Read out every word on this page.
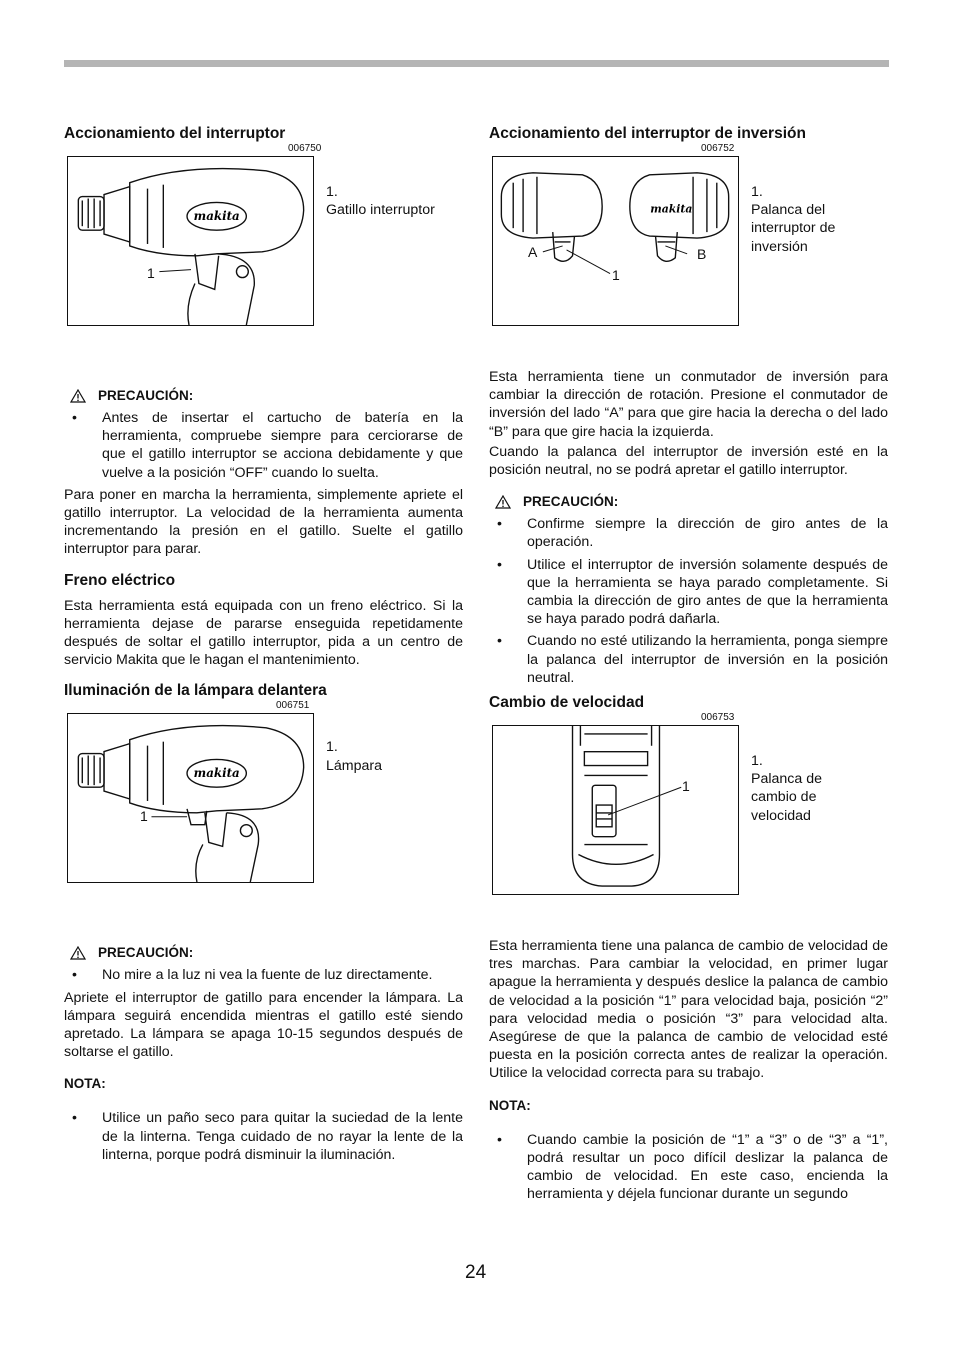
Accionamiento del interruptor
006750
makita
1
1.Gatillo interruptor
PRECAUCIÓN:
• Antes de insertar el cartucho de batería en la herramienta, compruebe siempre para cerciorarse de que el gatillo interruptor se acciona debidamente y que vuelve a la posición “OFF” cuando lo suelta.

Para poner en marcha la herramienta, simplemente apriete el gatillo interruptor. La velocidad de la herramienta aumenta incrementando la presión en el gatillo. Suelte el gatillo interruptor para parar.

Freno eléctrico

Esta herramienta está equipada con un freno eléctrico. Si la herramienta dejase de pararse enseguida repetidamente después de soltar el gatillo interruptor, pida a un centro de servicio Makita que le hagan el mantenimiento.

Iluminación de la lámpara delantera
006751
makita
1
1.Lámpara
PRECAUCIÓN:
• No mire a la luz ni vea la fuente de luz directamente.

Apriete el interruptor de gatillo para encender la lámpara. La lámpara seguirá encendida mientras el gatillo esté siendo apretado. La lámpara se apaga 10-15 segundos después de soltarse el gatillo.

NOTA:
• Utilice un paño seco para quitar la suciedad de la lente de la linterna. Tenga cuidado de no rayar la lente de la linterna, porque podrá disminuir la iluminación.
Accionamiento del interruptor de inversión
006752
makita
A	B
1
1.Palanca del interruptor de inversión

Esta herramienta tiene un conmutador de inversión para cambiar la dirección de rotación. Presione el conmutador de inversión del lado “A” para que gire hacia la derecha o del lado “B” para que gire hacia la izquierda.

Cuando la palanca del interruptor de inversión esté en la posición neutral, no se podrá apretar el gatillo interruptor.

PRECAUCIÓN:
• Confirme siempre la dirección de giro antes de la operación.
• Utilice el interruptor de inversión solamente después de que la herramienta se haya parado completamente. Si cambia la dirección de giro antes de que la herramienta se haya parado podrá dañarla.
• Cuando no esté utilizando la herramienta, ponga siempre la palanca del interruptor de inversión en la posición neutral.
Cambio de velocidad
006753
1
1.Palanca de cambio de velocidad

Esta herramienta tiene una palanca de cambio de velocidad de tres marchas. Para cambiar la velocidad, en primer lugar apague la herramienta y después deslice la palanca de cambio de velocidad a la posición “1” para velocidad baja, posición “2” para velocidad media o posición “3” para velocidad alta. Asegúrese de que la palanca de cambio de velocidad esté puesta en la posición correcta antes de realizar la operación. Utilice la velocidad correcta para su trabajo.

NOTA:
• Cuando cambie la posición de “1” a “3” o de “3” a “1”, podrá resultar un poco difícil deslizar la palanca de cambio de velocidad. En este caso, encienda la herramienta y déjela funcionar durante un segundo
24
